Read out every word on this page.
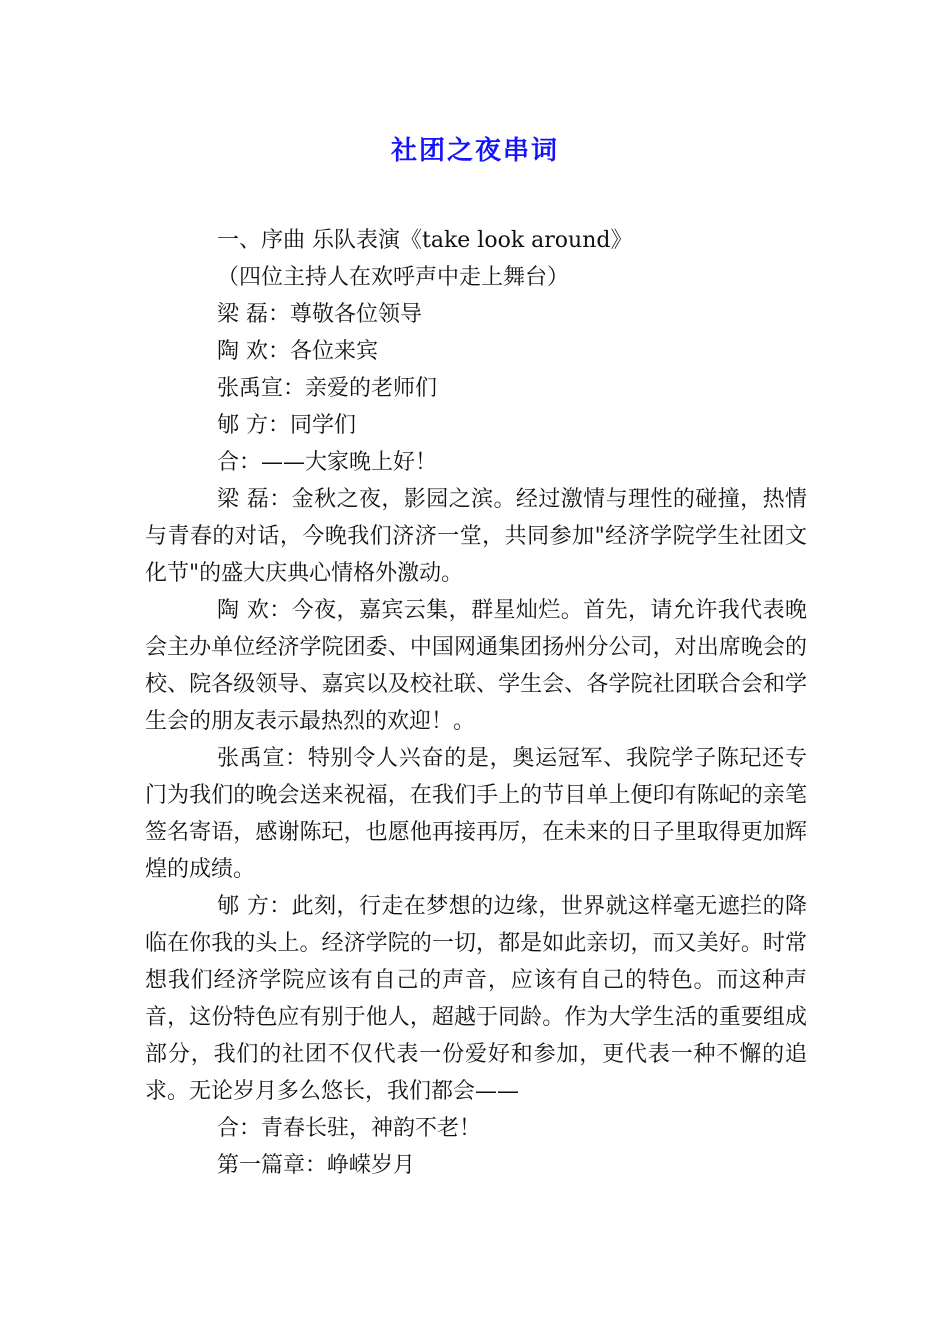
社团之夜串词

一、序曲 乐队表演《take look around》

（四位主持人在欢呼声中走上舞台）

梁 磊：尊敬各位领导

陶 欢：各位来宾

张禹宣：亲爱的老师们

郇 方：同学们

合：——大家晚上好！

梁 磊：金秋之夜，影园之滨。经过激情与理性的碰撞，热情与青春的对话，今晚我们济济一堂，共同参加"经济学院学生社团文化节"的盛大庆典心情格外激动。

陶 欢：今夜，嘉宾云集，群星灿烂。首先，请允许我代表晚会主办单位经济学院团委、中国网通集团扬州分公司，对出席晚会的校、院各级领导、嘉宾以及校社联、学生会、各学院社团联合会和学生会的朋友表示最热烈的欢迎！。

张禹宣：特别令人兴奋的是，奥运冠军、我院学子陈玘还专门为我们的晚会送来祝福，在我们手上的节目单上便印有陈屺的亲笔签名寄语，感谢陈玘，也愿他再接再厉，在未来的日子里取得更加辉煌的成绩。

郇 方：此刻，行走在梦想的边缘，世界就这样毫无遮拦的降临在你我的头上。经济学院的一切，都是如此亲切，而又美好。时常想我们经济学院应该有自己的声音，应该有自己的特色。而这种声音，这份特色应有别于他人，超越于同龄。作为大学生活的重要组成部分，我们的社团不仅代表一份爱好和参加，更代表一种不懈的追求。无论岁月多么悠长，我们都会——

合：青春长驻，神韵不老！

第一篇章：峥嵘岁月
